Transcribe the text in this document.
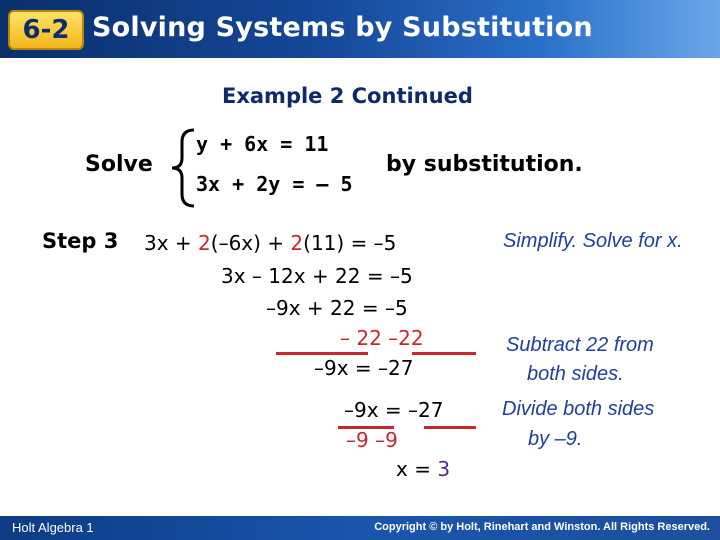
6-2 Solving Systems by Substitution
Example 2 Continued
Solve
y + 6x = 11
3x + 2y = – 5
by substitution.
Step 3 3x + 2(–6x) + 2(11) = –5
3x – 12x + 22 = –5
–9x + 22 = –5
– 22 –22
–9x = –27
–9x = –27
–9 –9
x = 3
Simplify. Solve for x.
Subtract 22 from
both sides.
Divide both sides
by –9.
Holt Algebra 1	Copyright © by Holt, Rinehart and Winston. All Rights Reserved.
